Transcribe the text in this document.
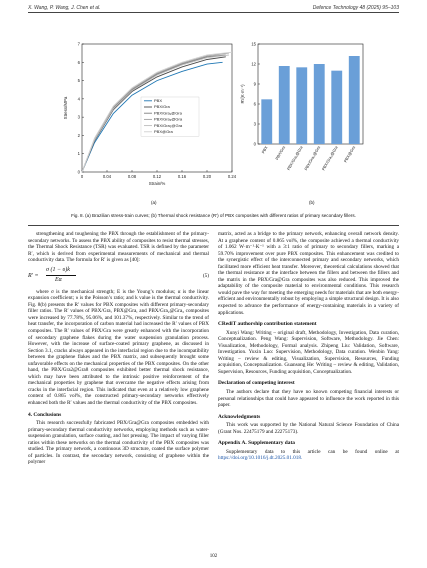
X. Wang, P. Wang, J. Chen et al.	Defence Technology 48 (2025) 95–103
0	0.04	0.08	0.12	0.16	0.20	0.24
0
1
2
3
4
5
6
7
Strain/%
Stress/MPa	PBX
PBX/Gra
PBX/Gra₁@Gra
PBX/Gra₂@Gra
PBX/Gra₃@Gra
PBX@Gra
(a)
0
3
6
9
12
15
R′/(K·m⁻¹)
PBX PBX/Gra PBX/Gra₁@Gra PBX/Gra₂@Gra PBX/Gra₃@Gra PBX@Gra
(b)
Fig. 8. (a) Brazilian stress-train curves; (b) Thermal shock resistance (R′) of PBX composites with different ratios of primary secondary fillers.

strengthening and toughening the PBX through the establishment of the primary-secondary networks. To assess the PBX ability of composites to resist thermal stresses, the Thermal Shock Resistance (TSR) was evaluated. TSR is defined by the parameter R′, which is derived from experimental measurements of mechanical and thermal conductivity data. The formula for R′ is given as [40]:

R′ =
σ (1 − υ)k
Eα
(5)

where σ is the mechanical strength; E is the Young’s modulus; α is the linear expansion coefficient; υ is the Poisson’s ratio; and k value is the thermal conductivity. Fig. 8(b) presents the R′ values for PBX composites with different primary-secondary filler ratios. The R′ values of PBX/Gra, PBX@Gra, and PBX/Gra₂@Gra₃ composites were increased by 77.78%, 95.06%, and 101.37%, respectively. Similar to the trend of heat transfer, the incorporation of carbon material had increased the R′ values of PBX composites. The R′ values of PBX/Gra were greatly enhanced with the incorporation of secondary graphene flakes during the water suspension granulation process. However, with the increase of surface-coated primary graphene, as discussed in Section 3.1, cracks always appeared in the interfacial region due to the incompatibility between the graphene flakes and the PBX matrix, and subsequently brought some unfavorable effects on the mechanical properties of the PBX composites. On the other hand, the PBX/Gra2@Gra8 composites exhibited better thermal shock resistance, which may have been attributed to the intrinsic positive reinforcement of the mechanical properties by graphene that overcame the negative effects arising from cracks in the interfacial region. This indicated that even at a relatively low graphene content of 0.865 vol%, the constructed primary-secondary networks effectively enhanced both the R′ values and the thermal conductivity of the PBX composites.

4. Conclusions

This research successfully fabricated PBX/Gra@Gra composites embedded with primary-secondary thermal conductivity networks, employing methods such as water-suspension granulation, surface coating, and hot pressing. The impact of varying filler ratios within these networks on the thermal conductivity of the PBX composites was studied. The primary network, a continuous 3D structure, coated the surface polymer of particles. In contrast, the secondary network, consisting of graphene within the polymer

matrix, acted as a bridge to the primary network, enhancing overall network density. At a graphene content of 0.865 vol%, the composite achieved a thermal conductivity of 1.062 W·m⁻¹·K⁻¹ with a 3:1 ratio of primary to secondary fillers, marking a 59.70% improvement over pure PBX composites. This enhancement was credited to the synergistic effect of the interconnected primary and secondary networks, which facilitated more efficient heat transfer. Moreover, theoretical calculations showed that the thermal resistance at the interface between the fillers and between the fillers and the matrix in the PBX/Gra@Gra composites was also reduced. This improved the adaptability of the composite material to environmental conditions. This research would pave the way for meeting the emerging needs for materials that are both energy-efficient and environmentally robust by employing a simple structural design. It is also expected to advance the performance of energy-containing materials in a variety of applications.

CRediT authorship contribution statement

Xunyi Wang: Writing – original draft, Methodology, Investigation, Data curation, Conceptualization. Peng Wang: Supervision, Software, Methodology. Jie Chen: Visualization, Methodology, Formal analysis. Zhipeng Liu: Validation, Software, Investigation. Yuxin Luo: Supervision, Methodology, Data curation. Wenbin Yang: Writing – review & editing, Visualization, Supervision, Resources, Funding acquisition, Conceptualization. Guansong He: Writing – review & editing, Validation, Supervision, Resources, Funding acquisition, Conceptualization.

Declaration of competing interest

The authors declare that they have no known competing financial interests or personal relationships that could have appeared to influence the work reported in this paper.

Acknowledgments

This work was supported by the National Natural Science Foundation of China (Grant Nos. 22475179 and 22275173).

Appendix A. Supplementary data

Supplementary data to this article can be found online at https://doi.org/10.1016/j.dt.2025.01.018.

102
